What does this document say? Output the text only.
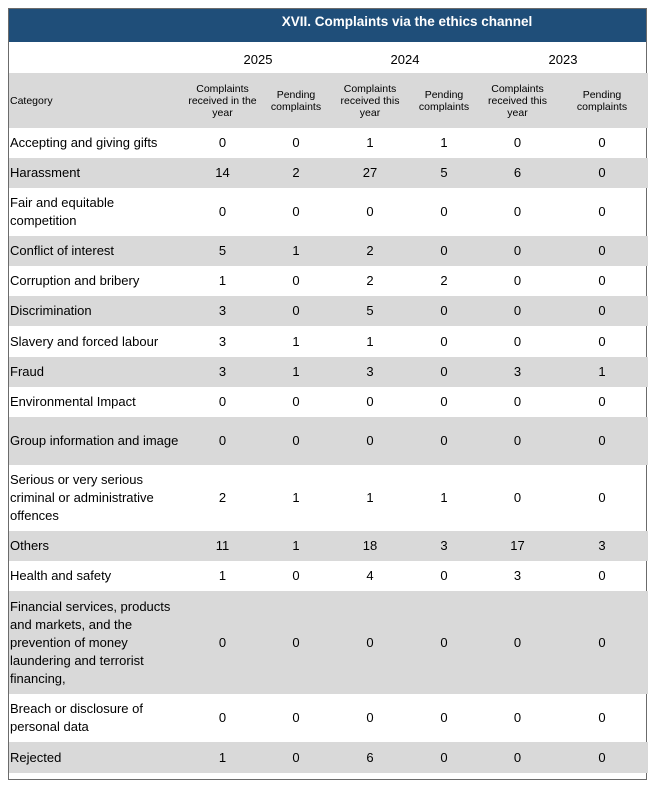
XVII. Complaints via the ethics channel
2025	2024	2023
Category	Complaints received in the year	Pending complaints	Complaints received this year	Pending complaints	Complaints received this year	Pending complaints
Accepting and giving gifts	0	0	1	1	0	0
Harassment	14	2	27	5	6	0
Fair and equitable competition	0	0	0	0	0	0
Conflict of interest	5	1	2	0	0	0
Corruption and bribery	1	0	2	2	0	0
Discrimination	3	0	5	0	0	0
Slavery and forced labour	3	1	1	0	0	0
Fraud	3	1	3	0	3	1
Environmental Impact	0	0	0	0	0	0
Group information and image	0	0	0	0	0	0
Serious or very serious criminal or administrative offences	2	1	1	1	0	0
Others	11	1	18	3	17	3
Health and safety	1	0	4	0	3	0
Financial services, products and markets, and the prevention of money laundering and terrorist financing,	0	0	0	0	0	0
Breach or disclosure of personal data	0	0	0	0	0	0
Rejected	1	0	6	0	0	0
